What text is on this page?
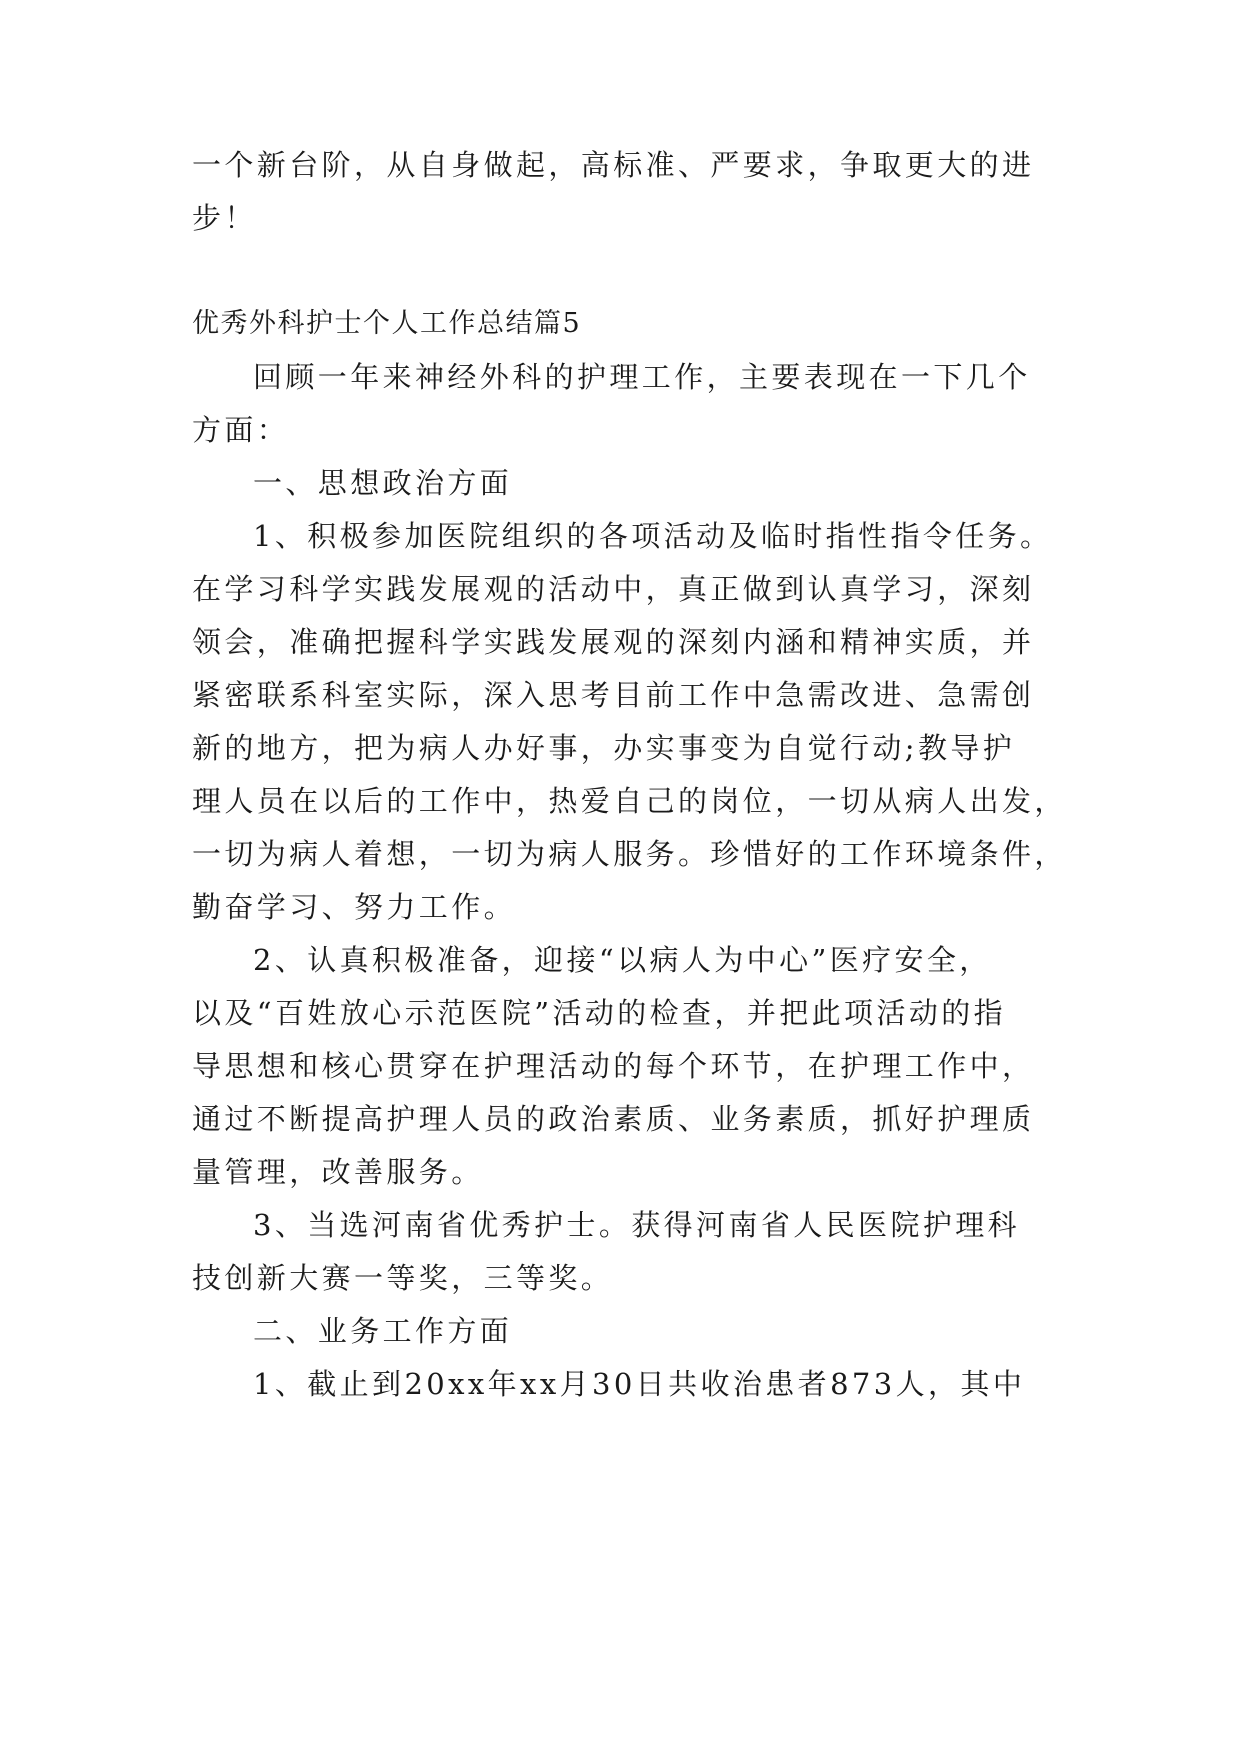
一个新台阶，从自身做起，高标准、严要求，争取更大的进
步！
优秀外科护士个人工作总结篇5
回顾一年来神经外科的护理工作，主要表现在一下几个
方面：
一、思想政治方面
1、积极参加医院组织的各项活动及临时指性指令任务。
在学习科学实践发展观的活动中，真正做到认真学习，深刻
领会，准确把握科学实践发展观的深刻内涵和精神实质，并
紧密联系科室实际，深入思考目前工作中急需改进、急需创
新的地方，把为病人办好事，办实事变为自觉行动;教导护
理人员在以后的工作中，热爱自己的岗位，一切从病人出发，
一切为病人着想，一切为病人服务。珍惜好的工作环境条件，
勤奋学习、努力工作。
2、认真积极准备，迎接“以病人为中心”医疗安全，
以及“百姓放心示范医院”活动的检查，并把此项活动的指
导思想和核心贯穿在护理活动的每个环节，在护理工作中，
通过不断提高护理人员的政治素质、业务素质，抓好护理质
量管理，改善服务。
3、当选河南省优秀护士。获得河南省人民医院护理科
技创新大赛一等奖，三等奖。
二、业务工作方面
1、截止到20xx年xx月30日共收治患者873人，其中
